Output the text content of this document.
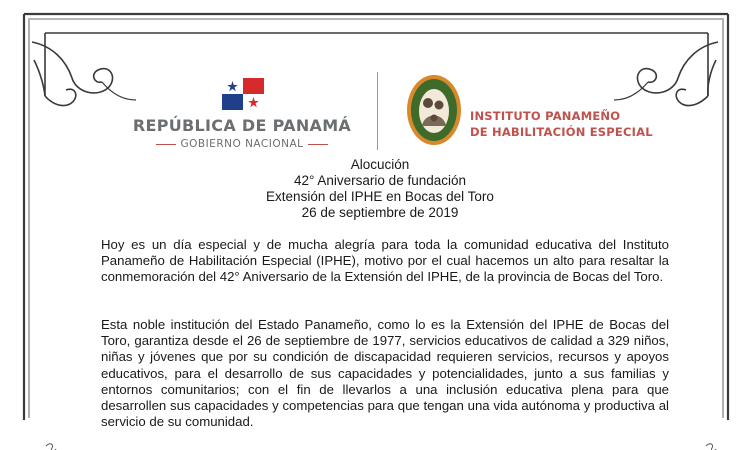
REPÚBLICA DE PANAMÁ
GOBIERNO NACIONAL
INSTITUTO PANAMEÑO
DE HABILITACIÓN ESPECIAL
Alocución
42° Aniversario de fundación
Extensión del IPHE en Bocas del Toro
26 de septiembre de 2019
Hoy es un día especial y de mucha alegría para toda la comunidad educativa del Instituto Panameño de Habilitación Especial (IPHE), motivo por el cual hacemos un alto para resaltar la conmemoración del 42° Aniversario de la Extensión del IPHE, de la provincia de Bocas del Toro.
Esta noble institución del Estado Panameño, como lo es la Extensión del IPHE de Bocas del Toro, garantiza desde el 26 de septiembre de 1977, servicios educativos de calidad a 329 niños, niñas y jóvenes que por su condición de discapacidad requieren servicios, recursos y apoyos educativos, para el desarrollo de sus capacidades y potencialidades, junto a sus familias y entornos comunitarios; con el fin de llevarlos a una inclusión educativa plena para que desarrollen sus capacidades y competencias para que tengan una vida autónoma y productiva al servicio de su comunidad.
